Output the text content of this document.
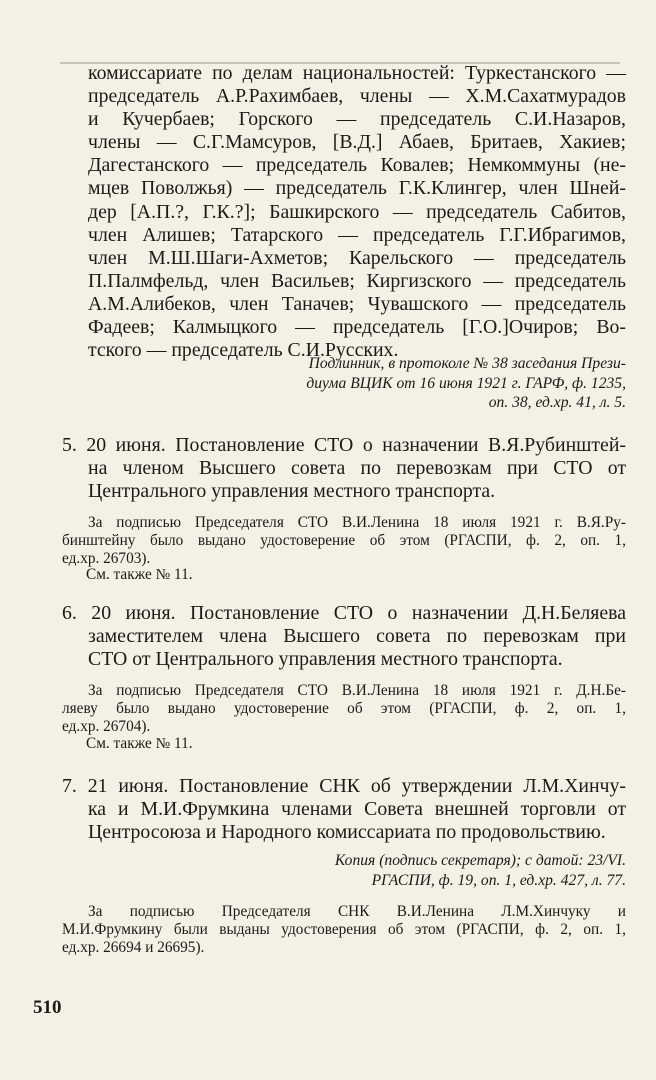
комиссариате по делам национальностей: Туркестанского —
председатель А.Р.Рахимбаев, члены — Х.М.Сахатмурадов
и Кучербаев; Горского — председатель С.И.Назаров,
члены — С.Г.Мамсуров, [В.Д.] Абаев, Бритаев, Хакиев;
Дагестанского — председатель Ковалев; Немкоммуны (не-
мцев Поволжья) — председатель Г.К.Клингер, член Шней-
дер [А.П.?, Г.К.?]; Башкирского — председатель Сабитов,
член Алишев; Татарского — председатель Г.Г.Ибрагимов,
член М.Ш.Шаги-Ахметов; Карельского — председатель
П.Палмфельд, член Васильев; Киргизского — председатель
А.М.Алибеков, член Таначев; Чувашского — председатель
Фадеев; Калмыцкого — председатель [Г.О.]Очиров; Во-
тского — председатель С.И.Русских.
Подлинник, в протоколе № 38 заседания Прези-
диума ВЦИК от 16 июня 1921 г. ГАРФ, ф. 1235,
оп. 38, ед.хр. 41, л. 5.
5. 20 июня. Постановление СТО о назначении В.Я.Рубинштей-
на членом Высшего совета по перевозкам при СТО от
Центрального управления местного транспорта.
За подписью Председателя СТО В.И.Ленина 18 июля 1921 г. В.Я.Ру-
бинштейну было выдано удостоверение об этом (РГАСПИ, ф. 2, оп. 1,
ед.хр. 26703).
См. также № 11.
6. 20 июня. Постановление СТО о назначении Д.Н.Беляева
заместителем члена Высшего совета по перевозкам при
СТО от Центрального управления местного транспорта.
За подписью Председателя СТО В.И.Ленина 18 июля 1921 г. Д.Н.Бе-
ляеву было выдано удостоверение об этом (РГАСПИ, ф. 2, оп. 1,
ед.хр. 26704).
См. также № 11.
7. 21 июня. Постановление СНК об утверждении Л.М.Хинчу-
ка и М.И.Фрумкина членами Совета внешней торговли от
Центросоюза и Народного комиссариата по продовольствию.
Копия (подпись секретаря); с датой: 23/VI.
РГАСПИ, ф. 19, оп. 1, ед.хр. 427, л. 77.
За подписью Председателя СНК В.И.Ленина Л.М.Хинчуку и
М.И.Фрумкину были выданы удостоверения об этом (РГАСПИ, ф. 2, оп. 1,
ед.хр. 26694 и 26695).
510
